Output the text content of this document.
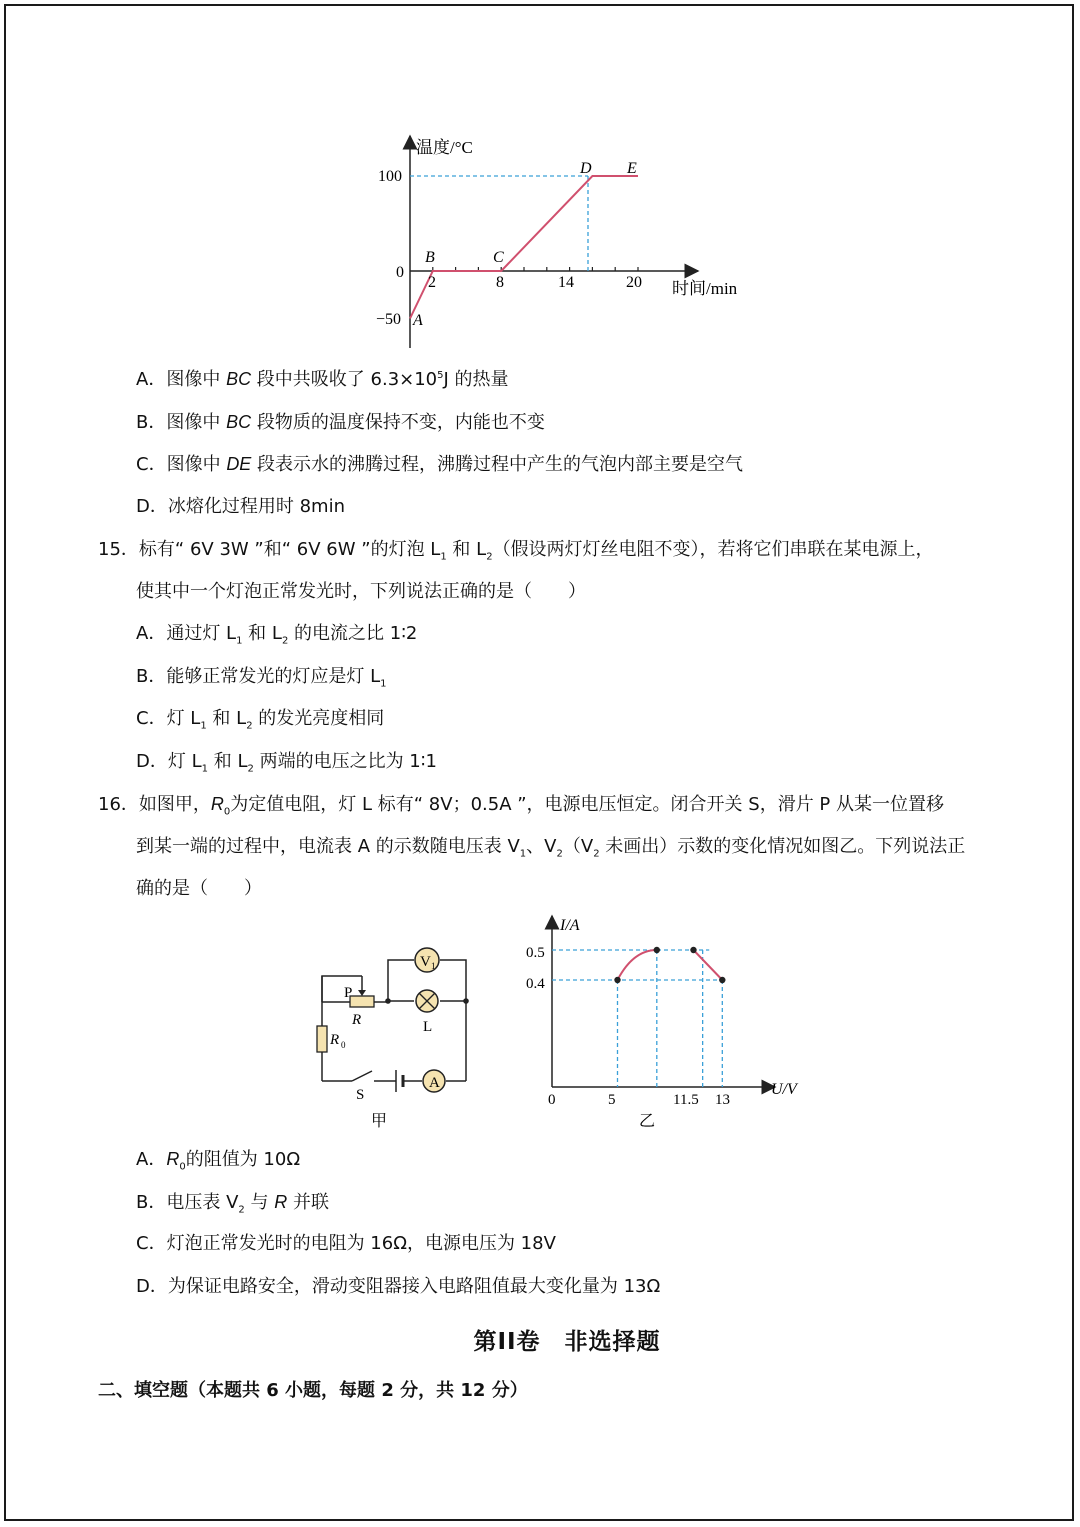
温度/°C
时间/min
100
0
−50
2	8	14	20
A
B	C
D E
A．图像中 BC 段中共吸收了 $6.3\times 10^5J$ 的热量
B．图像中 BC 段物质的温度保持不变，内能也不变
C．图像中 DE 段表示水的沸腾过程，沸腾过程中产生的气泡内部主要是空气
D．冰熔化过程用时 8min
15．标有“ 6V 3W ”和“ 6V 6W ”的灯泡 $L_1$ 和 $L_2$（假设两灯灯丝电阻不变），若将它们串联在某电源上，
使其中一个灯泡正常发光时，下列说法正确的是（　　）
A．通过灯 $L_1$ 和 $L_2$ 的电流之比 1∶2
B．能够正常发光的灯应是灯 $L_1$
C．灯 $L_1$ 和 $L_2$ 的发光亮度相同
D．灯 $L_1$ 和 $L_2$ 两端的电压之比为 1∶1
16．如图甲，$R_0$为定值电阻，灯 L 标有“ 8V；0.5A ”，电源电压恒定。闭合开关 S，滑片 P 从某一位置移
到某一端的过程中，电流表 A 的示数随电压表 $V_1$、$V_2(V_2$ 未画出）示数的变化情况如图乙。下列说法正
确的是（　　）
V 1
A
P
R	L
R 0
S
甲
I/A
U/V
0.5
0.4
0	5	11.5 13
乙
A．$R_0$的阻值为 10Ω
B．电压表 $V_2$ 与 R 并联
C．灯泡正常发光时的电阻为 16Ω，电源电压为 18V
D．为保证电路安全，滑动变阻器接入电路阻值最大变化量为 13Ω
第II卷　非选择题
二、填空题（本题共 6 小题，每题 2 分，共 12 分）
